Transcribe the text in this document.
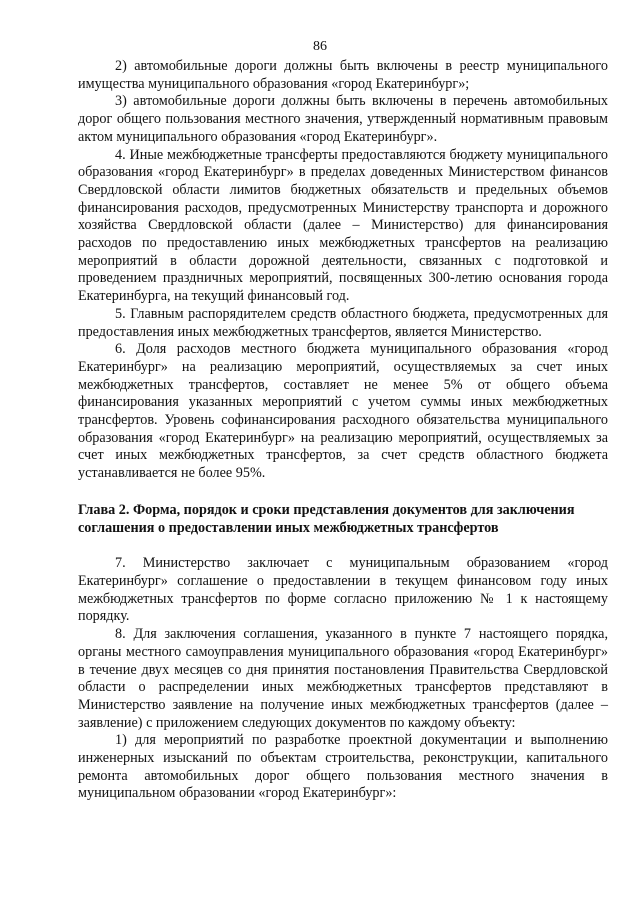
86

2) автомобильные дороги должны быть включены в реестр муниципального имущества муниципального образования «город Екатеринбург»;

3) автомобильные дороги должны быть включены в перечень автомобильных дорог общего пользования местного значения, утвержденный нормативным правовым актом муниципального образования «город Екатеринбург».

4. Иные межбюджетные трансферты предоставляются бюджету муниципального образования «город Екатеринбург» в пределах доведенных Министерством финансов Свердловской области лимитов бюджетных обязательств и предельных объемов финансирования расходов, предусмотренных Министерству транспорта и дорожного хозяйства Свердловской области (далее – Министерство) для финансирования расходов по предоставлению иных межбюджетных трансфертов на реализацию мероприятий в области дорожной деятельности, связанных с подготовкой и проведением праздничных мероприятий, посвященных 300-летию основания города Екатеринбурга, на текущий финансовый год.

5. Главным распорядителем средств областного бюджета, предусмотренных для предоставления иных межбюджетных трансфертов, является Министерство.

6. Доля расходов местного бюджета муниципального образования «город Екатеринбург» на реализацию мероприятий, осуществляемых за счет иных межбюджетных трансфертов, составляет не менее 5% от общего объема финансирования указанных мероприятий с учетом суммы иных межбюджетных трансфертов. Уровень софинансирования расходного обязательства муниципального образования «город Екатеринбург» на реализацию мероприятий, осуществляемых за счет иных межбюджетных трансфертов, за счет средств областного бюджета устанавливается не более 95%.

Глава 2. Форма, порядок и сроки представления документов для заключения

соглашения о предоставлении иных межбюджетных трансфертов

7. Министерство заключает с муниципальным образованием «город Екатеринбург» соглашение о предоставлении в текущем финансовом году иных межбюджетных трансфертов по форме согласно приложению № 1 к настоящему порядку.

8. Для заключения соглашения, указанного в пункте 7 настоящего порядка, органы местного самоуправления муниципального образования «город Екатеринбург» в течение двух месяцев со дня принятия постановления Правительства Свердловской области о распределении иных межбюджетных трансфертов представляют в Министерство заявление на получение иных межбюджетных трансфертов (далее – заявление) с приложением следующих документов по каждому объекту:

1) для мероприятий по разработке проектной документации и выполнению инженерных изысканий по объектам строительства, реконструкции, капитального ремонта автомобильных дорог общего пользования местного значения в муниципальном образовании «город Екатеринбург»:
